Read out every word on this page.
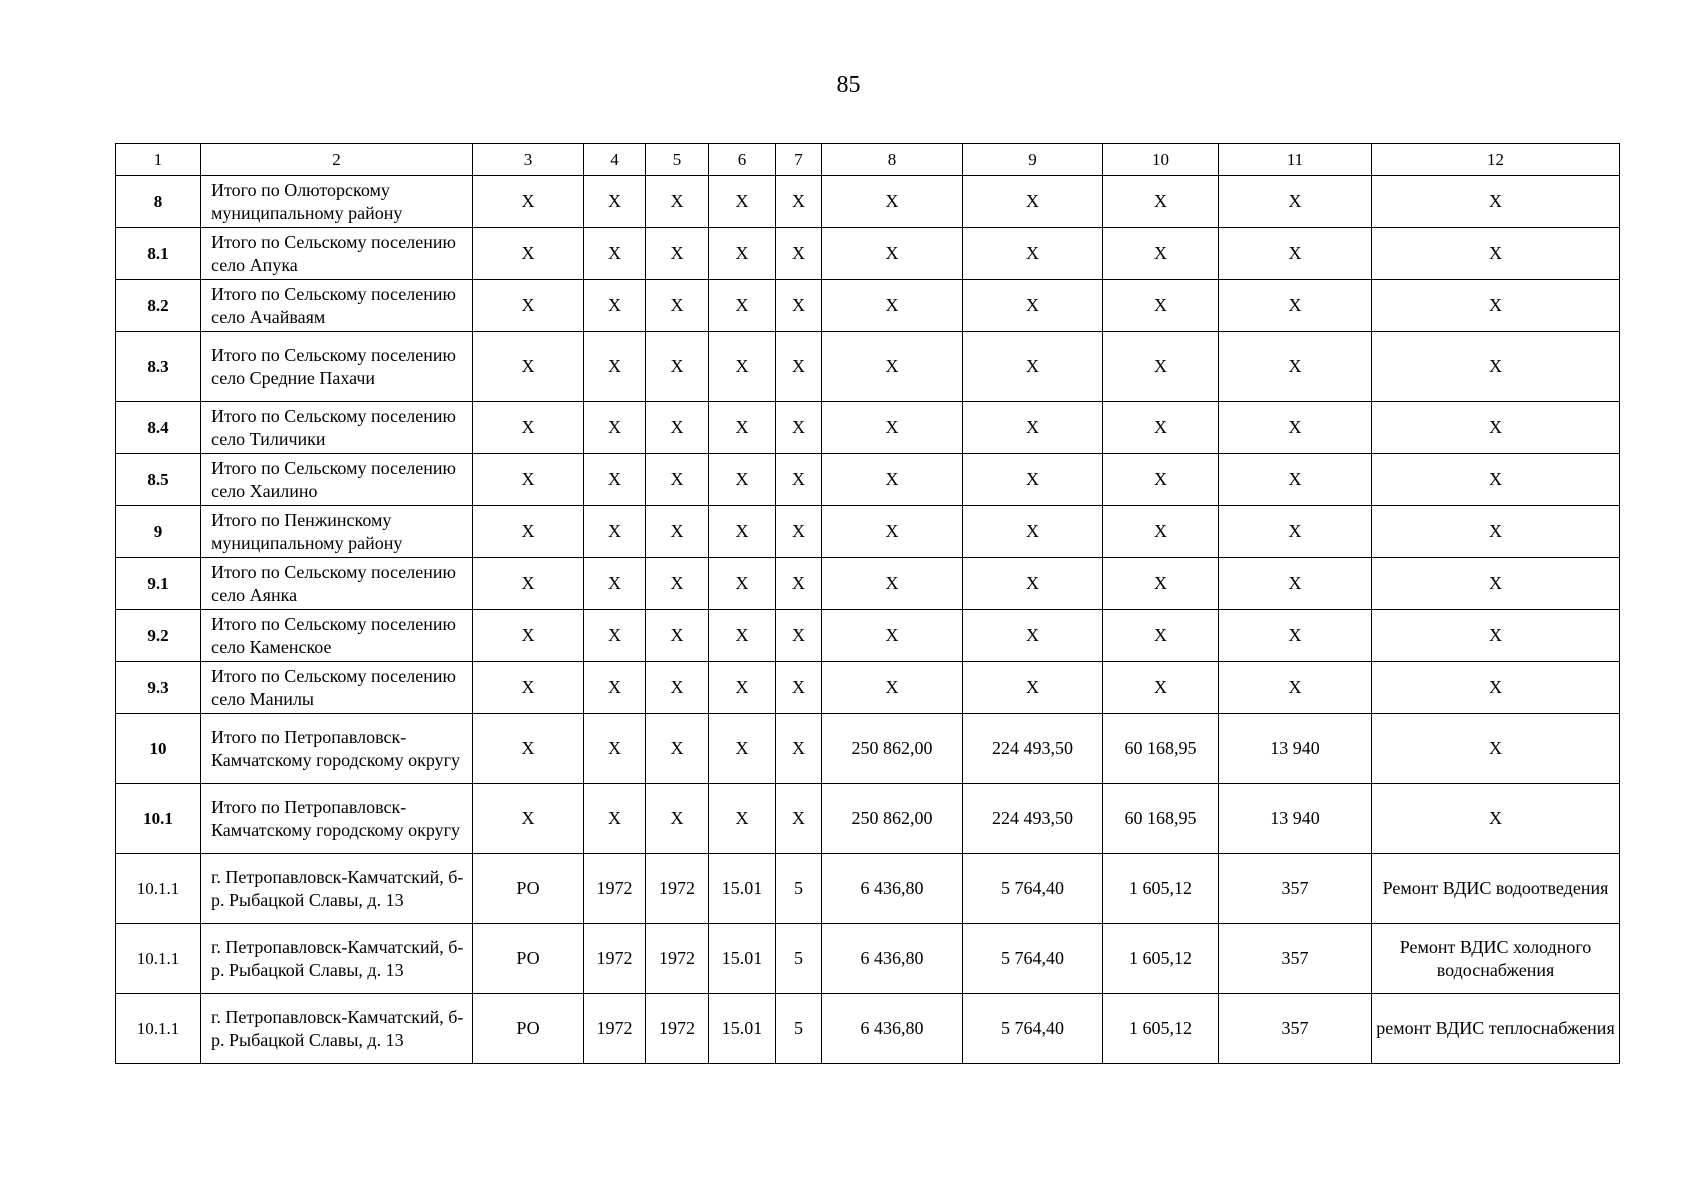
85
1	2	3	4	5	6	7	8	9	10	11	12
8	Итого по Олюторскому муниципальному району	Х	Х	Х	Х	Х	Х	Х	Х	Х	Х
8.1	Итого по Сельскому поселению село Апука	Х	Х	Х	Х	Х	Х	Х	Х	Х	Х
8.2	Итого по Сельскому поселению село Ачайваям	Х	Х	Х	Х	Х	Х	Х	Х	Х	Х
8.3	Итого по Сельскому поселению село Средние Пахачи	Х	Х	Х	Х	Х	Х	Х	Х	Х	Х
8.4	Итого по Сельскому поселению село Тиличики	Х	Х	Х	Х	Х	Х	Х	Х	Х	Х
8.5	Итого по Сельскому поселению село Хаилино	Х	Х	Х	Х	Х	Х	Х	Х	Х	Х
9	Итого по Пенжинскому муниципальному району	Х	Х	Х	Х	Х	Х	Х	Х	Х	Х
9.1	Итого по Сельскому поселению село Аянка	Х	Х	Х	Х	Х	Х	Х	Х	Х	Х
9.2	Итого по Сельскому поселению село Каменское	Х	Х	Х	Х	Х	Х	Х	Х	Х	Х
9.3	Итого по Сельскому поселению село Манилы	Х	Х	Х	Х	Х	Х	Х	Х	Х	Х
10	Итого по Петропавловск-Камчатскому городскому округу	Х	Х	Х	Х	Х	250 862,00	224 493,50	60 168,95	13 940	Х
10.1	Итого по Петропавловск-Камчатскому городскому округу	Х	Х	Х	Х	Х	250 862,00	224 493,50	60 168,95	13 940	Х
10.1.1	г. Петропавловск-Камчатский, б-р. Рыбацкой Славы, д. 13	РО	1972	1972	15.01	5	6 436,80	5 764,40	1 605,12	357	Ремонт ВДИС водоотведения
10.1.1	г. Петропавловск-Камчатский, б-р. Рыбацкой Славы, д. 13	РО	1972	1972	15.01	5	6 436,80	5 764,40	1 605,12	357	Ремонт ВДИС холодного водоснабжения
10.1.1	г. Петропавловск-Камчатский, б-р. Рыбацкой Славы, д. 13	РО	1972	1972	15.01	5	6 436,80	5 764,40	1 605,12	357	ремонт ВДИС теплоснабжения
